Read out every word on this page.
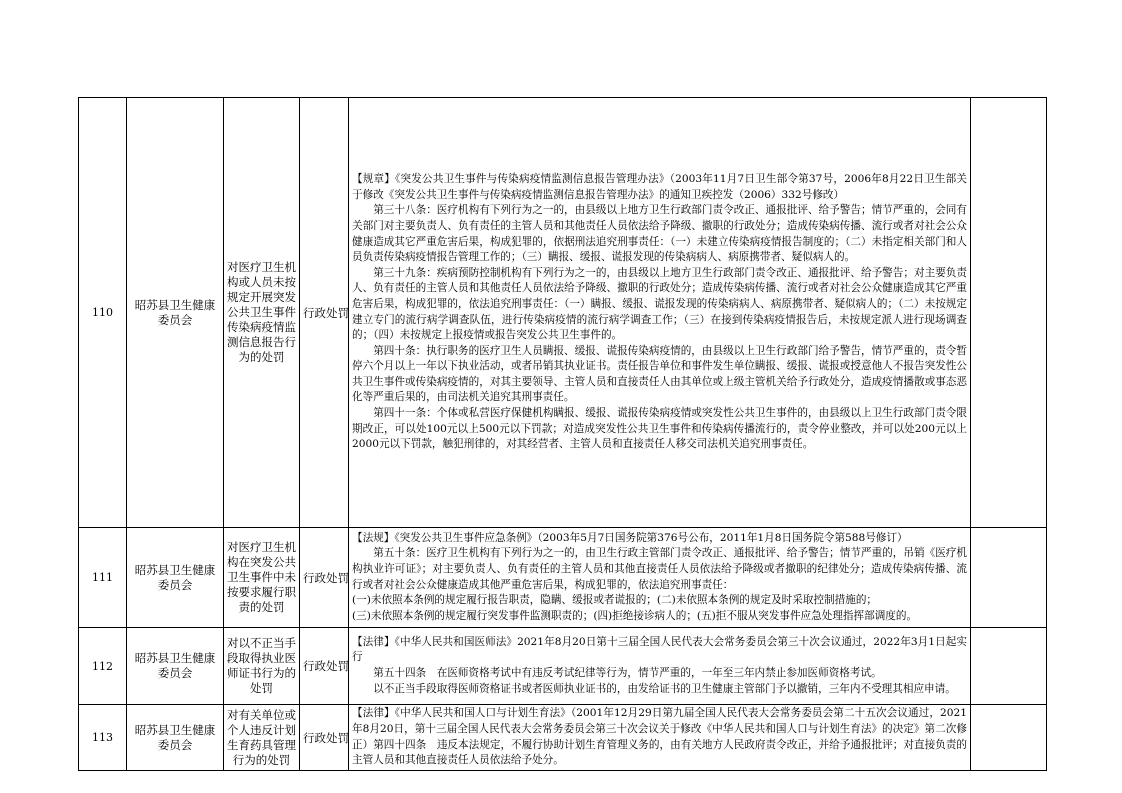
110	昭苏县卫生健康委员会	对医疗卫生机构或人员未按规定开展突发公共卫生事件传染病疫情监测信息报告行为的处罚	行政处罚	【规章】《突发公共卫生事件与传染病疫情监测信息报告管理办法》（2003年11月7日卫生部令第37号，2006年8月22日卫生部关于修改《突发公共卫生事件与传染病疫情监测信息报告管理办法》的通知卫疾控发（2006）332号修改）
第三十八条：医疗机构有下列行为之一的，由县级以上地方卫生行政部门责令改正、通报批评、给予警告；情节严重的，会同有关部门对主要负责人、负有责任的主管人员和其他责任人员依法给予降级、撤职的行政处分；造成传染病传播、流行或者对社会公众健康造成其它严重危害后果，构成犯罪的，依据刑法追究刑事责任：（一）未建立传染病疫情报告制度的；（二）未指定相关部门和人员负责传染病疫情报告管理工作的；（三）瞒报、缓报、谎报发现的传染病病人、病原携带者、疑似病人的。
第三十九条：疾病预防控制机构有下列行为之一的，由县级以上地方卫生行政部门责令改正、通报批评、给予警告；对主要负责人、负有责任的主管人员和其他责任人员依法给予降级、撤职的行政处分；造成传染病传播、流行或者对社会公众健康造成其它严重危害后果，构成犯罪的，依法追究刑事责任：（一）瞒报、缓报、谎报发现的传染病病人、病原携带者、疑似病人的；（二）未按规定建立专门的流行病学调查队伍，进行传染病疫情的流行病学调查工作；（三）在接到传染病疫情报告后，未按规定派人进行现场调查的；（四）未按规定上报疫情或报告突发公共卫生事件的。
第四十条：执行职务的医疗卫生人员瞒报、缓报、谎报传染病疫情的，由县级以上卫生行政部门给予警告，情节严重的，责令暂停六个月以上一年以下执业活动，或者吊销其执业证书。责任报告单位和事件发生单位瞒报、缓报、谎报或授意他人不报告突发性公共卫生事件或传染病疫情的，对其主要领导、主管人员和直接责任人由其单位或上级主管机关给予行政处分，造成疫情播散或事态恶化等严重后果的，由司法机关追究其刑事责任。
第四十一条：个体或私营医疗保健机构瞒报、缓报、谎报传染病疫情或突发性公共卫生事件的，由县级以上卫生行政部门责令限期改正，可以处100元以上500元以下罚款；对造成突发性公共卫生事件和传染病传播流行的，责令停业整改，并可以处200元以上2000元以下罚款，触犯刑律的，对其经营者、主管人员和直接责任人移交司法机关追究刑事责任。	

111	昭苏县卫生健康委员会	对医疗卫生机构在突发公共卫生事件中未按要求履行职责的处罚	行政处罚	【法规】《突发公共卫生事件应急条例》（2003年5月7日国务院第376号公布，2011年1月8日国务院令第588号修订）
第五十条：医疗卫生机构有下列行为之一的，由卫生行政主管部门责令改正、通报批评、给予警告；情节严重的，吊销《医疗机构执业许可证》；对主要负责人、负有责任的主管人员和其他直接责任人员依法给予降级或者撤职的纪律处分；造成传染病传播、流行或者对社会公众健康造成其他严重危害后果，构成犯罪的，依法追究刑事责任：
(一)未依照本条例的规定履行报告职责，隐瞒、缓报或者谎报的；(二)未依照本条例的规定及时采取控制措施的；
(三)未依照本条例的规定履行突发事件监测职责的；(四)拒绝接诊病人的；(五)拒不服从突发事件应急处理指挥部调度的。	

112	昭苏县卫生健康委员会	对以不正当手段取得执业医师证书行为的处罚	行政处罚	【法律】《中华人民共和国医师法》2021年8月20日第十三届全国人民代表大会常务委员会第三十次会议通过，2022年3月1日起实行
第五十四条　在医师资格考试中有违反考试纪律等行为，情节严重的，一年至三年内禁止参加医师资格考试。
以不正当手段取得医师资格证书或者医师执业证书的，由发给证书的卫生健康主管部门予以撤销，三年内不受理其相应申请。	

113	昭苏县卫生健康委员会	对有关单位或个人违反计划生育药具管理行为的处罚	行政处罚	【法律】《中华人民共和国人口与计划生育法》（2001年12月29日第九届全国人民代表大会常务委员会第二十五次会议通过，2021年8月20日，第十三届全国人民代表大会常务委员会第三十次会议关于修改《中华人民共和国人口与计划生育法》的决定》第二次修正）第四十四条　违反本法规定，不履行协助计划生育管理义务的，由有关地方人民政府责令改正，并给予通报批评；对直接负责的主管人员和其他直接责任人员依法给予处分。	
